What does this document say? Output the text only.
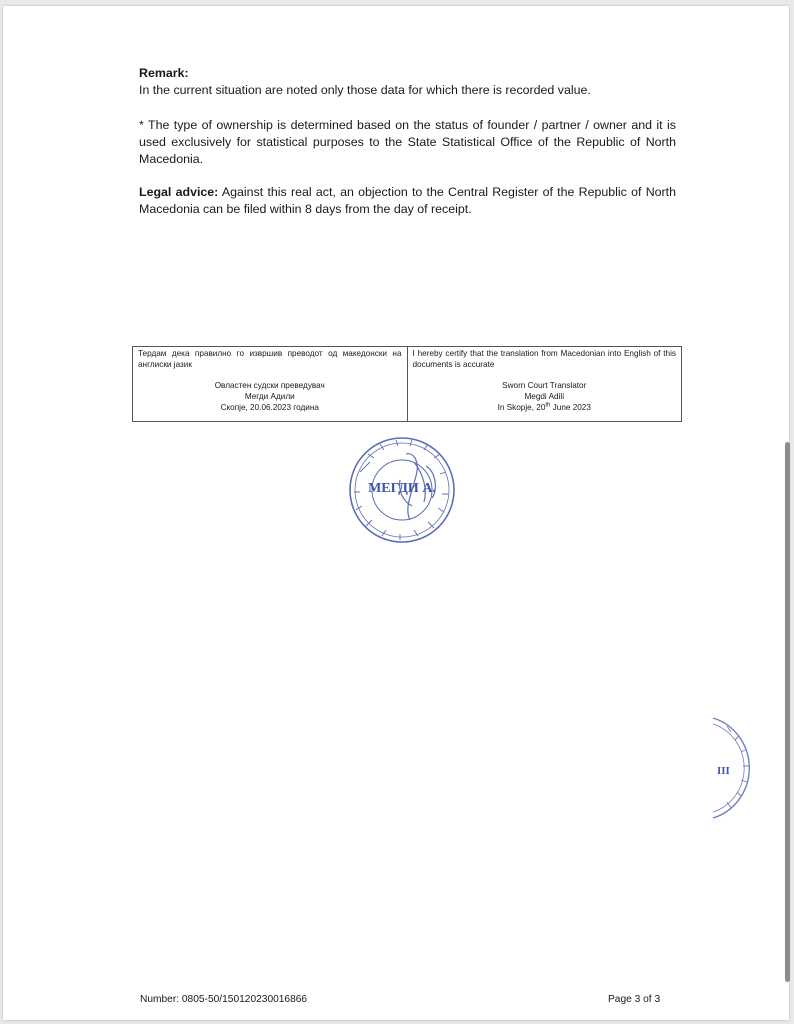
Remark:
In the current situation are noted only those data for which there is recorded value.
* The type of ownership is determined based on the status of founder / partner / owner and it is used exclusively for statistical purposes to the State Statistical Office of the Republic of North Macedonia.
Legal advice: Against this real act, an objection to the Central Register of the Republic of North Macedonia can be filed within 8 days from the day of receipt.
Тердам дека правилно го извршив преводот од македонски на англиски јазик
Овластен судски преведувач
Мегди Адили
Скопје, 20.06.2023 година

I hereby certify that the translation from Macedonian into English of this documents is accurate
Sworn Court Translator
Megdi Adili
In Skopje, 20th June 2023
МЕГДИ А.
ІІІ
Number: 0805-50/150120230016866	Page 3 of 3
